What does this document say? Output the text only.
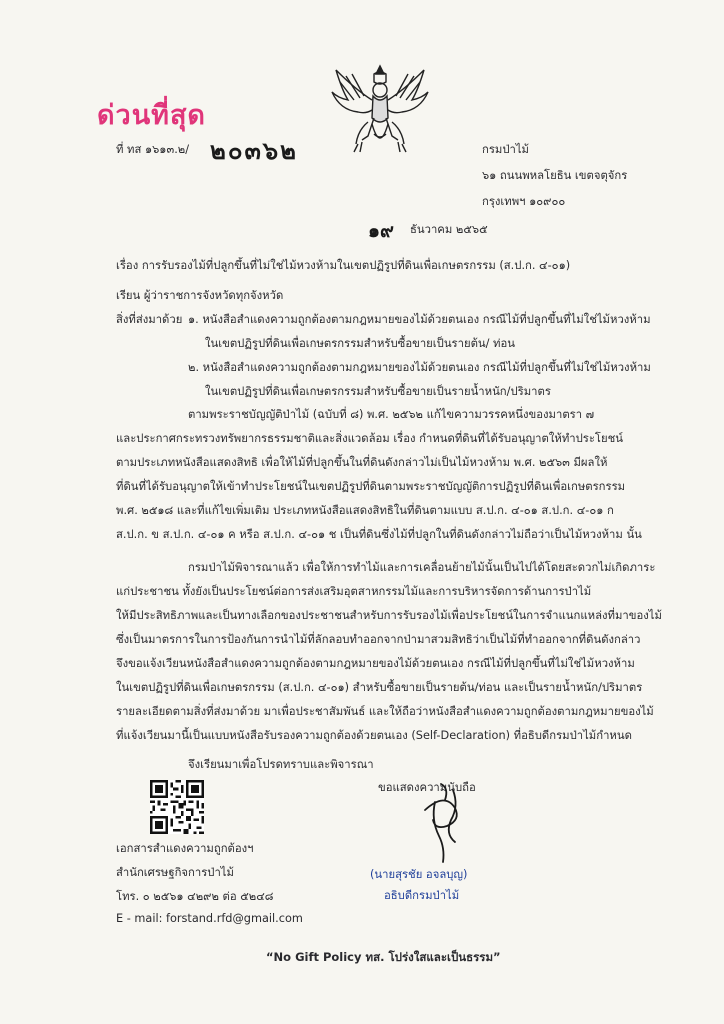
ด่วนที่สุด
ที่ ทส ๑๖๑๓.๒/ ๒๐๓๖๒	กรมป่าไม้
๖๑ ถนนพหลโยธิน เขตจตุจักร
กรุงเทพฯ ๑๐๙๐๐
๑๙ ธันวาคม ๒๕๖๕
เรื่อง การรับรองไม้ที่ปลูกขึ้นที่ไม่ใช่ไม้หวงห้ามในเขตปฏิรูปที่ดินเพื่อเกษตรกรรม (ส.ป.ก. ๔-๐๑)
เรียน ผู้ว่าราชการจังหวัดทุกจังหวัด
สิ่งที่ส่งมาด้วย ๑. หนังสือสำแดงความถูกต้องตามกฎหมายของไม้ด้วยตนเอง กรณีไม้ที่ปลูกขึ้นที่ไม่ใช่ไม้หวงห้าม
ในเขตปฏิรูปที่ดินเพื่อเกษตรกรรมสำหรับซื้อขายเป็นรายต้น/ ท่อน
๒. หนังสือสำแดงความถูกต้องตามกฎหมายของไม้ด้วยตนเอง กรณีไม้ที่ปลูกขึ้นที่ไม่ใช่ไม้หวงห้าม
ในเขตปฏิรูปที่ดินเพื่อเกษตรกรรมสำหรับซื้อขายเป็นรายน้ำหนัก/ปริมาตร
ตามพระราชบัญญัติป่าไม้ (ฉบับที่ ๘) พ.ศ. ๒๕๖๒ แก้ไขความวรรคหนึ่งของมาตรา ๗
และประกาศกระทรวงทรัพยากรธรรมชาติและสิ่งแวดล้อม เรื่อง กำหนดที่ดินที่ได้รับอนุญาตให้ทำประโยชน์
ตามประเภทหนังสือแสดงสิทธิ เพื่อให้ไม้ที่ปลูกขึ้นในที่ดินดังกล่าวไม่เป็นไม้หวงห้าม พ.ศ. ๒๕๖๓ มีผลให้
ที่ดินที่ได้รับอนุญาตให้เข้าทำประโยชน์ในเขตปฏิรูปที่ดินตามพระราชบัญญัติการปฏิรูปที่ดินเพื่อเกษตรกรรม
พ.ศ. ๒๕๑๘ และที่แก้ไขเพิ่มเติม ประเภทหนังสือแสดงสิทธิในที่ดินตามแบบ ส.ป.ก. ๔-๐๑ ส.ป.ก. ๔-๐๑ ก
ส.ป.ก. ข ส.ป.ก. ๔-๐๑ ค หรือ ส.ป.ก. ๔-๐๑ ช เป็นที่ดินซึ่งไม้ที่ปลูกในที่ดินดังกล่าวไม่ถือว่าเป็นไม้หวงห้าม นั้น
กรมป่าไม้พิจารณาแล้ว เพื่อให้การทำไม้และการเคลื่อนย้ายไม้นั้นเป็นไปได้โดยสะดวกไม่เกิดภาระ
แก่ประชาชน ทั้งยังเป็นประโยชน์ต่อการส่งเสริมอุตสาหกรรมไม้และการบริหารจัดการด้านการป่าไม้
ให้มีประสิทธิภาพและเป็นทางเลือกของประชาชนสำหรับการรับรองไม้เพื่อประโยชน์ในการจำแนกแหล่งที่มาของไม้
ซึ่งเป็นมาตรการในการป้องกันการนำไม้ที่ลักลอบทำออกจากป่ามาสวมสิทธิว่าเป็นไม้ที่ทำออกจากที่ดินดังกล่าว
จึงขอแจ้งเวียนหนังสือสำแดงความถูกต้องตามกฎหมายของไม้ด้วยตนเอง กรณีไม้ที่ปลูกขึ้นที่ไม่ใช่ไม้หวงห้าม
ในเขตปฏิรูปที่ดินเพื่อเกษตรกรรม (ส.ป.ก. ๔-๐๑) สำหรับซื้อขายเป็นรายต้น/ท่อน และเป็นรายน้ำหนัก/ปริมาตร
รายละเอียดตามสิ่งที่ส่งมาด้วย มาเพื่อประชาสัมพันธ์ และให้ถือว่าหนังสือสำแดงความถูกต้องตามกฎหมายของไม้
ที่แจ้งเวียนมานี้เป็นแบบหนังสือรับรองความถูกต้องด้วยตนเอง (Self-Declaration) ที่อธิบดีกรมป่าไม้กำหนด
จึงเรียนมาเพื่อโปรดทราบและพิจารณา
ขอแสดงความนับถือ
(นายสุรชัย อจลบุญ)
อธิบดีกรมป่าไม้
เอกสารสำแดงความถูกต้องฯ
สำนักเศรษฐกิจการป่าไม้
โทร. ๐ ๒๕๖๑ ๔๒๙๒ ต่อ ๕๒๔๘
E - mail: forstand.rfd@gmail.com
“No Gift Policy ทส. โปร่งใสและเป็นธรรม”
